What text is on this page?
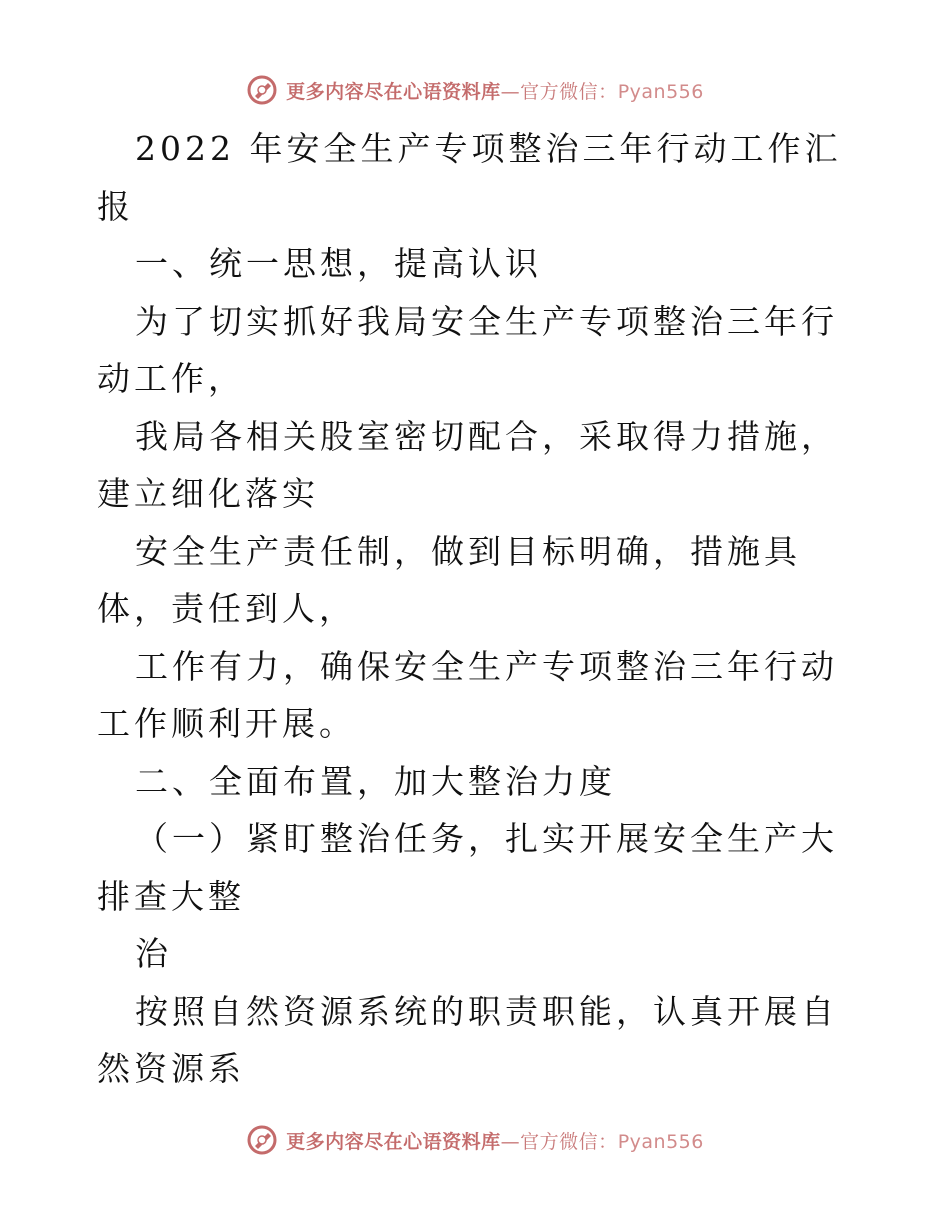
更多内容尽在心语资料库—官方微信：Pyan556

2022 年安全生产专项整治三年行动工作汇报

一、统一思想，提高认识

为了切实抓好我局安全生产专项整治三年行动工作，

我局各相关股室密切配合，采取得力措施，建立细化落实

安全生产责任制，做到目标明确，措施具体，责任到人，

工作有力，确保安全生产专项整治三年行动工作顺利开展。

二、全面布置，加大整治力度

（一）紧盯整治任务，扎实开展安全生产大排查大整

治

按照自然资源系统的职责职能，认真开展自然资源系

更多内容尽在心语资料库—官方微信：Pyan556
